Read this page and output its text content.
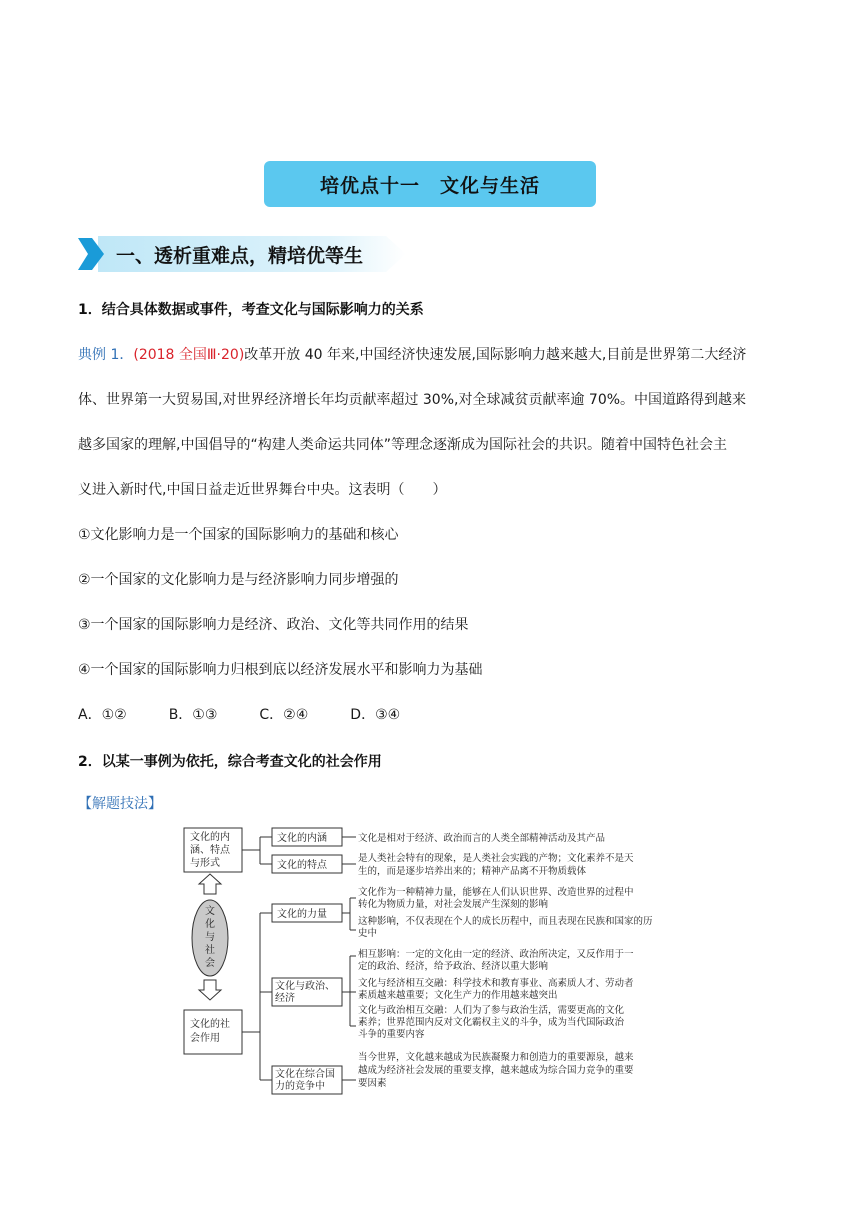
培优点十一　文化与生活
一、透析重难点，精培优等生
1．结合具体数据或事件，考查文化与国际影响力的关系
典例 1．(2018 全国Ⅲ·20)改革开放 40 年来,中国经济快速发展,国际影响力越来越大,目前是世界第二大经济
体、世界第一大贸易国,对世界经济增长年均贡献率超过 30%,对全球减贫贡献率逾 70%。中国道路得到越来
越多国家的理解,中国倡导的“构建人类命运共同体”等理念逐渐成为国际社会的共识。随着中国特色社会主
义进入新时代,中国日益走近世界舞台中央。这表明（　　）
①文化影响力是一个国家的国际影响力的基础和核心
②一个国家的文化影响力是与经济影响力同步增强的
③一个国家的国际影响力是经济、政治、文化等共同作用的结果
④一个国家的国际影响力归根到底以经济发展水平和影响力为基础
A．①②	B．①③	C．②④	D．③④
2．以某一事例为依托，综合考查文化的社会作用
【解题技法】
文化的内
涵、特点
与形式
文化的社
会作用
文
化
与
社
会
文化的内涵
文化的特点
文化的力量
文化与政治、
经济
文化在综合国
力的竞争中
文化是相对于经济、政治而言的人类全部精神活动及其产品
是人类社会特有的现象，是人类社会实践的产物；文化素养不是天
生的，而是逐步培养出来的；精神产品离不开物质载体
文化作为一种精神力量，能够在人们认识世界、改造世界的过程中
转化为物质力量，对社会发展产生深刻的影响
这种影响，不仅表现在个人的成长历程中，而且表现在民族和国家的历
史中
相互影响：一定的文化由一定的经济、政治所决定，又反作用于一
定的政治、经济，给予政治、经济以重大影响
文化与经济相互交融：科学技术和教育事业、高素质人才、劳动者
素质越来越重要；文化生产力的作用越来越突出
文化与政治相互交融：人们为了参与政治生活，需要更高的文化
素养；世界范围内反对文化霸权主义的斗争，成为当代国际政治
斗争的重要内容
当今世界，文化越来越成为民族凝聚力和创造力的重要源泉，越来
越成为经济社会发展的重要支撑，越来越成为综合国力竞争的重要
要因素
